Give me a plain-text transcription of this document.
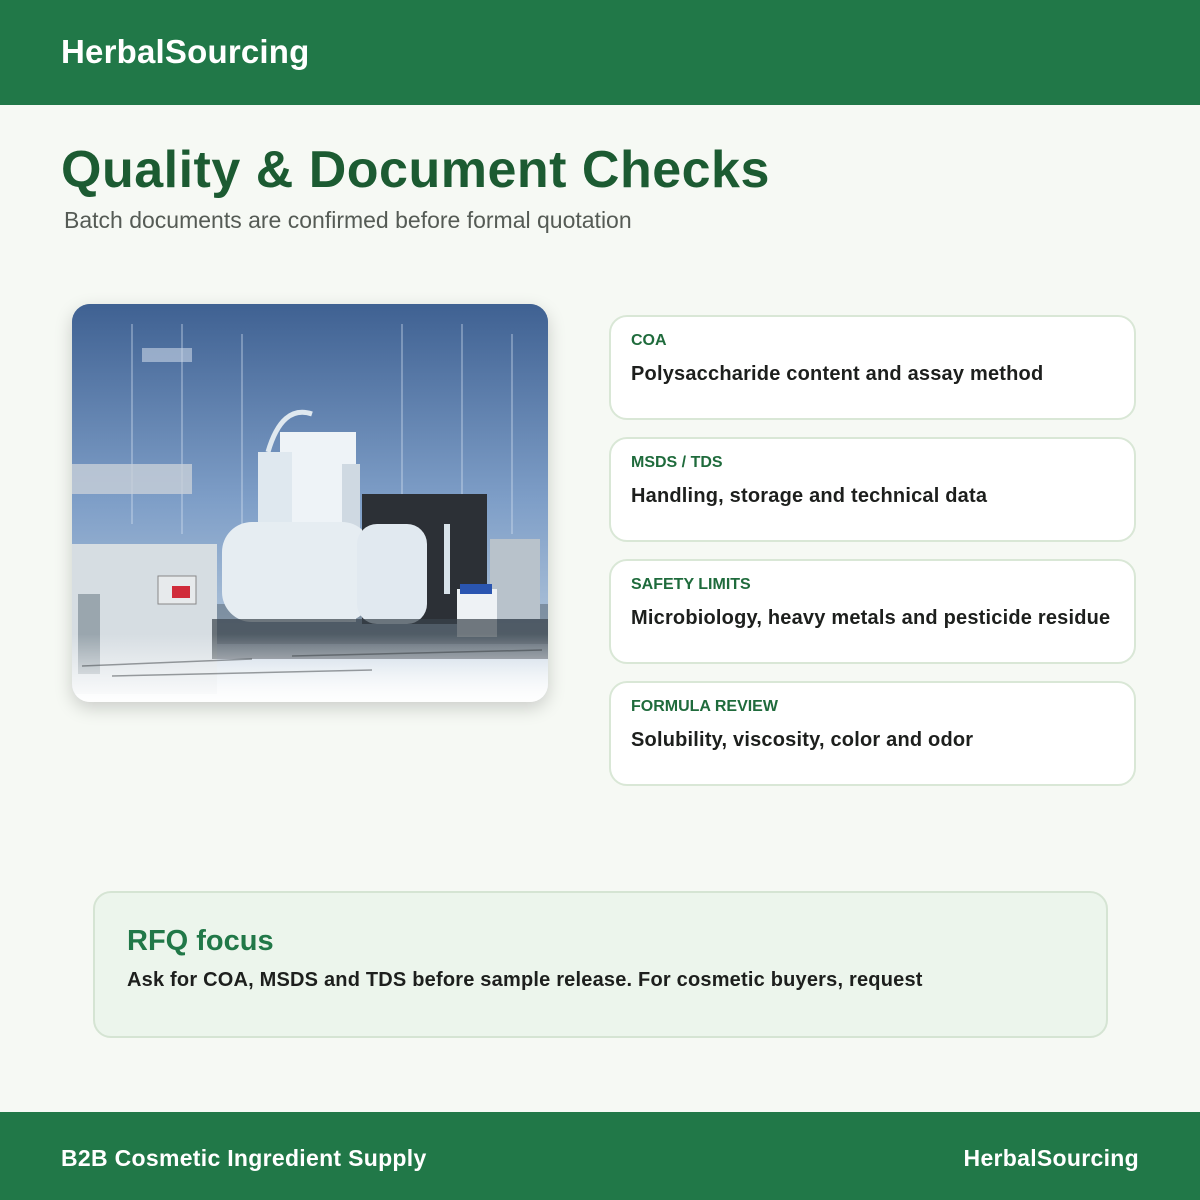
HerbalSourcing
Quality & Document Checks
Batch documents are confirmed before formal quotation
COA
Polysaccharide content and assay method
MSDS / TDS
Handling, storage and technical data
SAFETY LIMITS
Microbiology, heavy metals and pesticide residue
FORMULA REVIEW
Solubility, viscosity, color and odor
RFQ focus
Ask for COA, MSDS and TDS before sample release. For cosmetic buyers, request
B2B Cosmetic Ingredient Supply	HerbalSourcing
